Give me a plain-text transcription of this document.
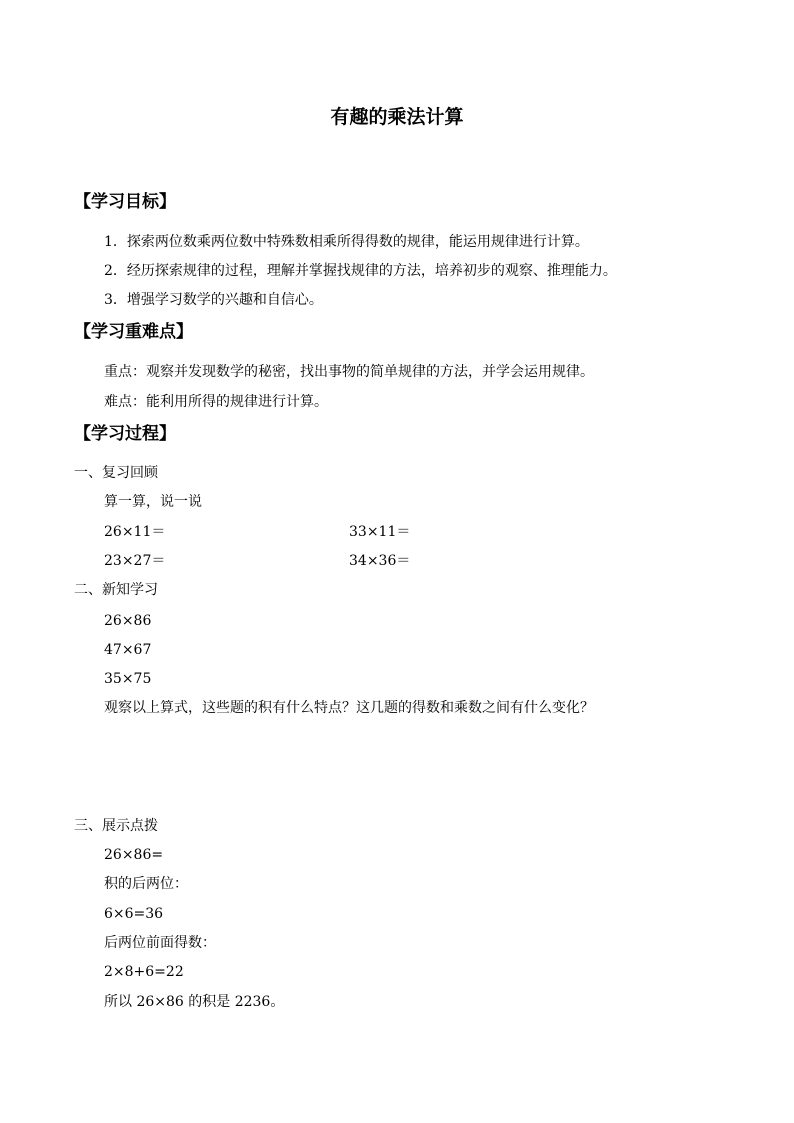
有趣的乘法计算
【学习目标】
1．探索两位数乘两位数中特殊数相乘所得得数的规律，能运用规律进行计算。
2．经历探索规律的过程，理解并掌握找规律的方法，培养初步的观察、推理能力。
3．增强学习数学的兴趣和自信心。
【学习重难点】
重点：观察并发现数学的秘密，找出事物的简单规律的方法，并学会运用规律。
难点：能利用所得的规律进行计算。
【学习过程】
一、复习回顾
算一算，说一说
26×11＝	33×11＝
23×27＝	34×36＝
二、新知学习
26×86
47×67
35×75
观察以上算式，这些题的积有什么特点？这几题的得数和乘数之间有什么变化？
三、展示点拨
26×86=
积的后两位：
6×6=36
后两位前面得数：
2×8+6=22
所以 26×86 的积是 2236。
